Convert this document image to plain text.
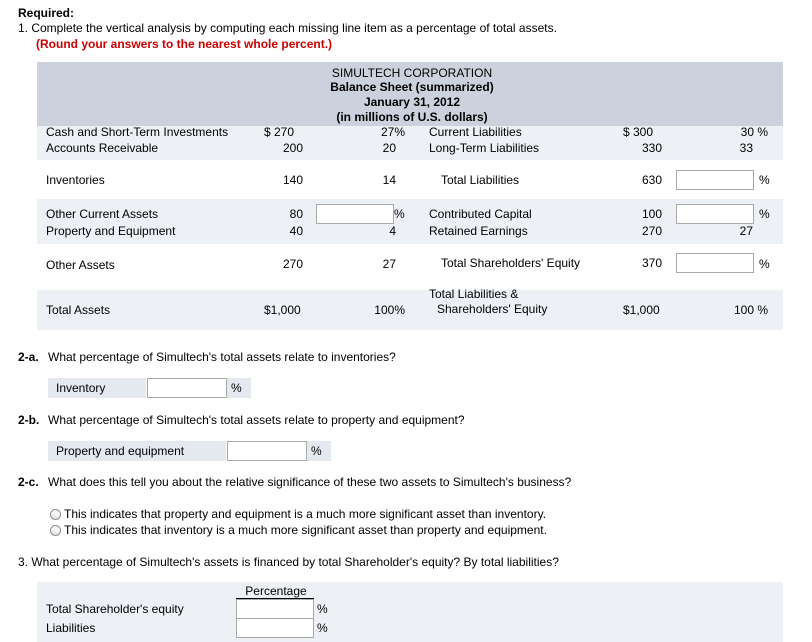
Required:
1. Complete the vertical analysis by computing each missing line item as a percentage of total assets.
(Round your answers to the nearest whole percent.)
SIMULTECH CORPORATION
Balance Sheet (summarized)
January 31, 2012
(in millions of U.S. dollars)
Cash and Short-Term Investments	$ 270	27%
Accounts Receivable	200	20
Inventories	140	14
Other Current Assets	80	%
Property and Equipment	40	4
Other Assets	270	27
Total Assets	$1,000	100%
Current Liabilities	$ 300	30 %
Long-Term Liabilities	330	33
Total Liabilities	630	%
Contributed Capital	100	%
Retained Earnings	270	27
Total Shareholders' Equity	370	%
Total Liabilities &
Shareholders' Equity	$1,000	100 %
2-a. What percentage of Simultech's total assets relate to inventories?
Inventory	%
2-b. What percentage of Simultech's total assets relate to property and equipment?
Property and equipment	%
2-c. What does this tell you about the relative significance of these two assets to Simultech's business?
This indicates that property and equipment is a much more significant asset than inventory.
This indicates that inventory is a much more significant asset than property and equipment.
3. What percentage of Simultech's assets is financed by total Shareholder's equity? By total liabilities?
Percentage
Total Shareholder's equity	%
Liabilities	%
